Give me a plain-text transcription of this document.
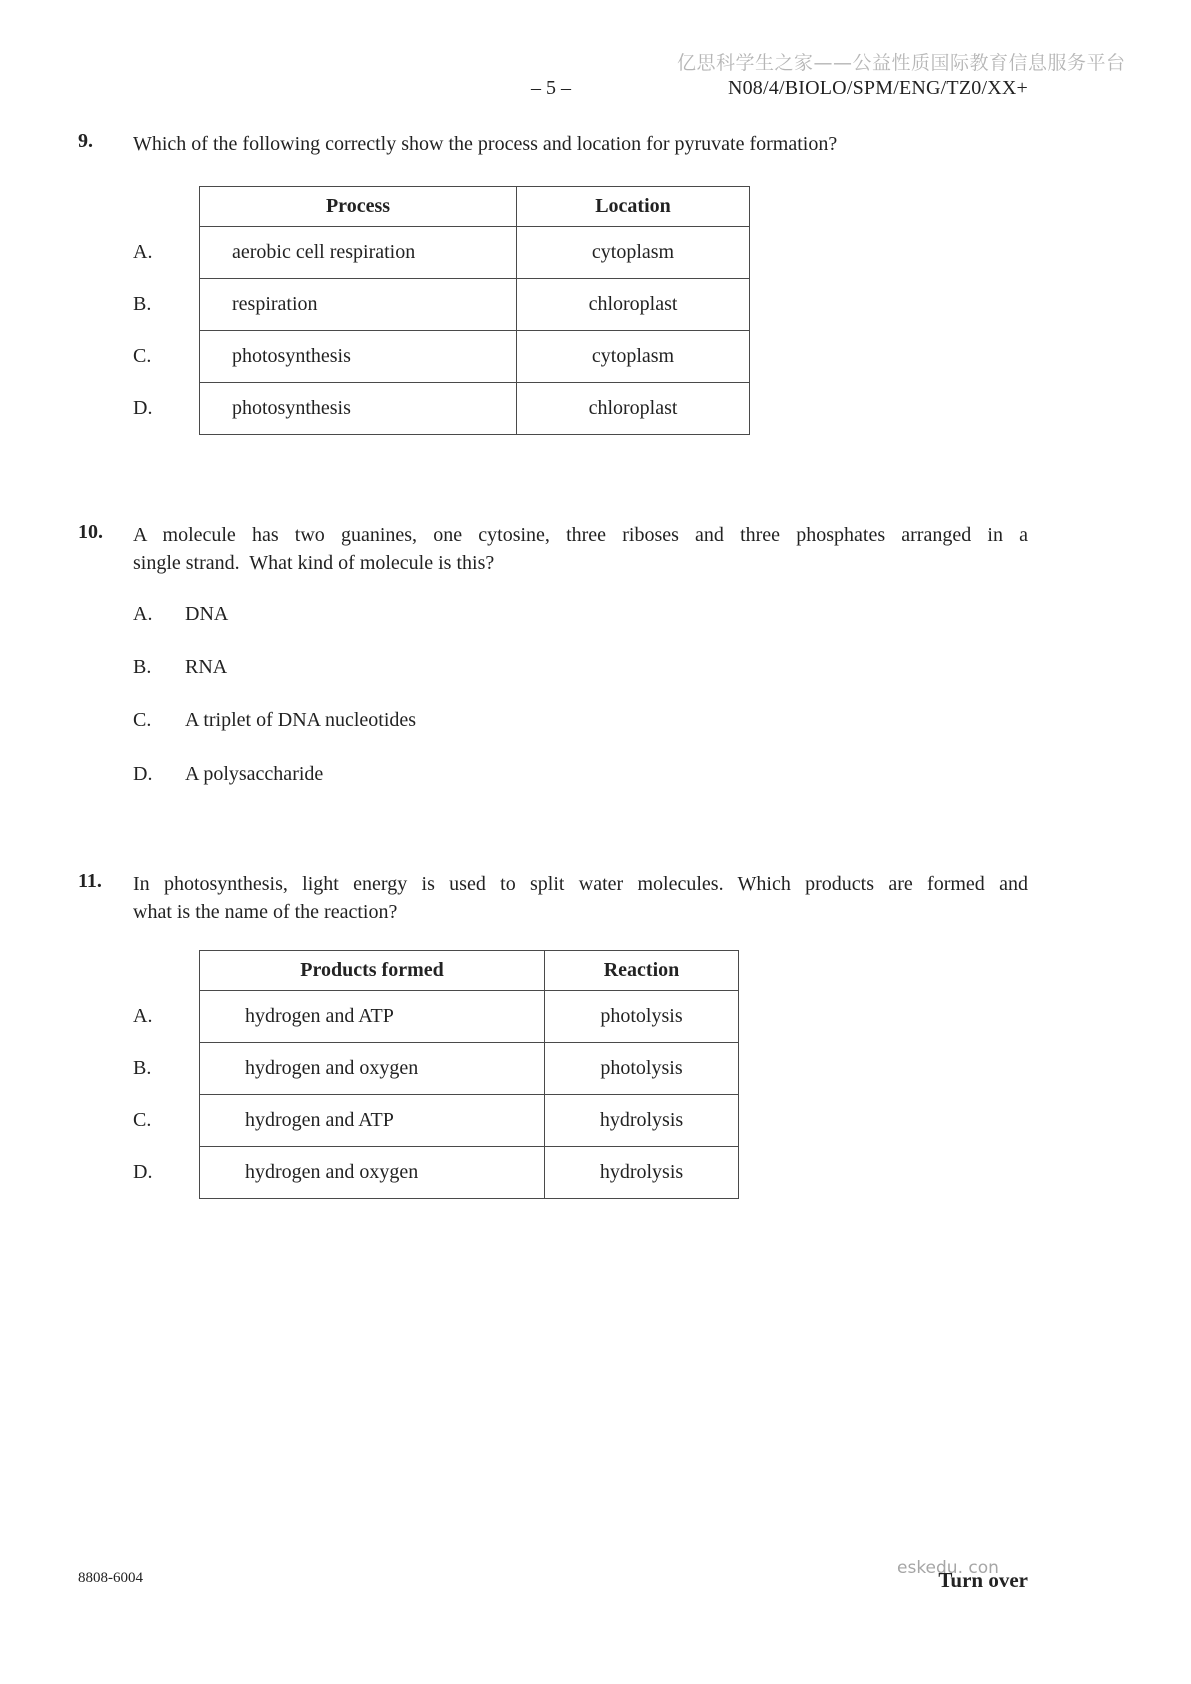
亿思科学生之家——公益性质国际教育信息服务平台
– 5 –	N08/4/BIOLO/SPM/ENG/TZ0/XX+
9. Which of the following correctly show the process and location for pyruvate formation?
	Process	Location
A.	aerobic cell respiration	cytoplasm
B.	respiration	chloroplast
C.	photosynthesis	cytoplasm
D.	photosynthesis	chloroplast
10. A molecule has two guanines, one cytosine, three riboses and three phosphates arranged in a
single strand.  What kind of molecule is this?
A. DNA
B. RNA
C. A triplet of DNA nucleotides
D. A polysaccharide
11. In photosynthesis, light energy is used to split water molecules. Which products are formed and
what is the name of the reaction?
	Products formed	Reaction
A.	hydrogen and ATP	photolysis
B.	hydrogen and oxygen	photolysis
C.	hydrogen and ATP	hydrolysis
D.	hydrogen and oxygen	hydrolysis
8808-6004	eskedu. con
Turn over
